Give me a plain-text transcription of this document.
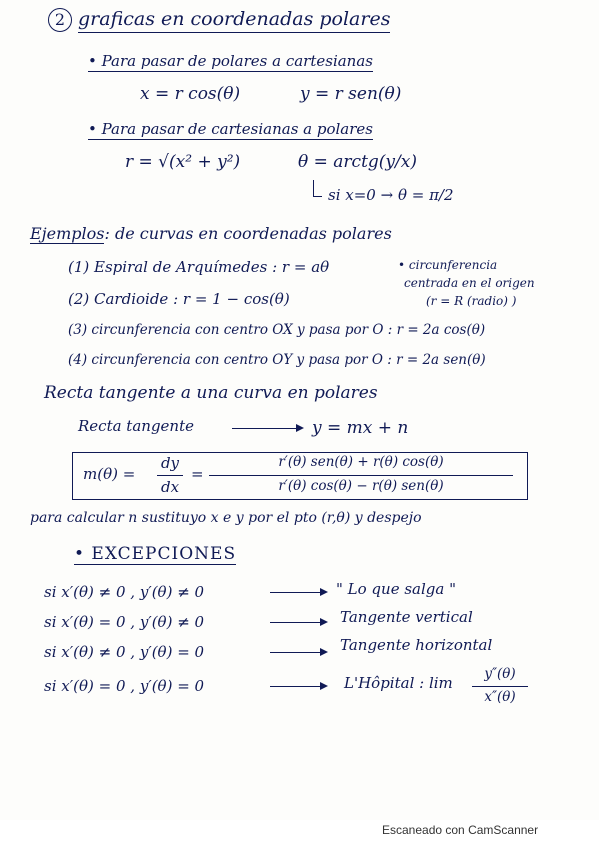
2 graficas en coordenadas polares
• Para pasar de polares a cartesianas
x = r cos(θ)	y = r sen(θ)
• Para pasar de cartesianas a polares
r = √(x² + y²)	θ = arctg(y/x)
si x=0 → θ = π/2
Ejemplos: de curvas en coordenadas polares
(1) Espiral de Arquímedes : r = aθ
(2) Cardioide : r = 1 − cos(θ)
(3) circunferencia con centro OX y pasa por O : r = 2a cos(θ)
(4) circunferencia con centro OY y pasa por O : r = 2a sen(θ)
• circunferencia
centrada en el origen
(r = R (radio) )
Recta tangente a una curva en polares
Recta tangente	y = mx + n
m(θ) =
dy
dx
=
r′(θ) sen(θ) + r(θ) cos(θ)
r′(θ) cos(θ) − r(θ) sen(θ)
para calcular n sustituyo x e y por el pto (r,θ) y despejo
• EXCEPCIONES
si x′(θ) ≠ 0 , y′(θ) ≠ 0	" Lo que salga "
si x′(θ) = 0 , y′(θ) ≠ 0	Tangente vertical
si x′(θ) ≠ 0 , y′(θ) = 0	Tangente horizontal
si x′(θ) = 0 , y′(θ) = 0	L'Hôpital : lim	y″(θ)
x″(θ)
Escaneado con CamScanner
